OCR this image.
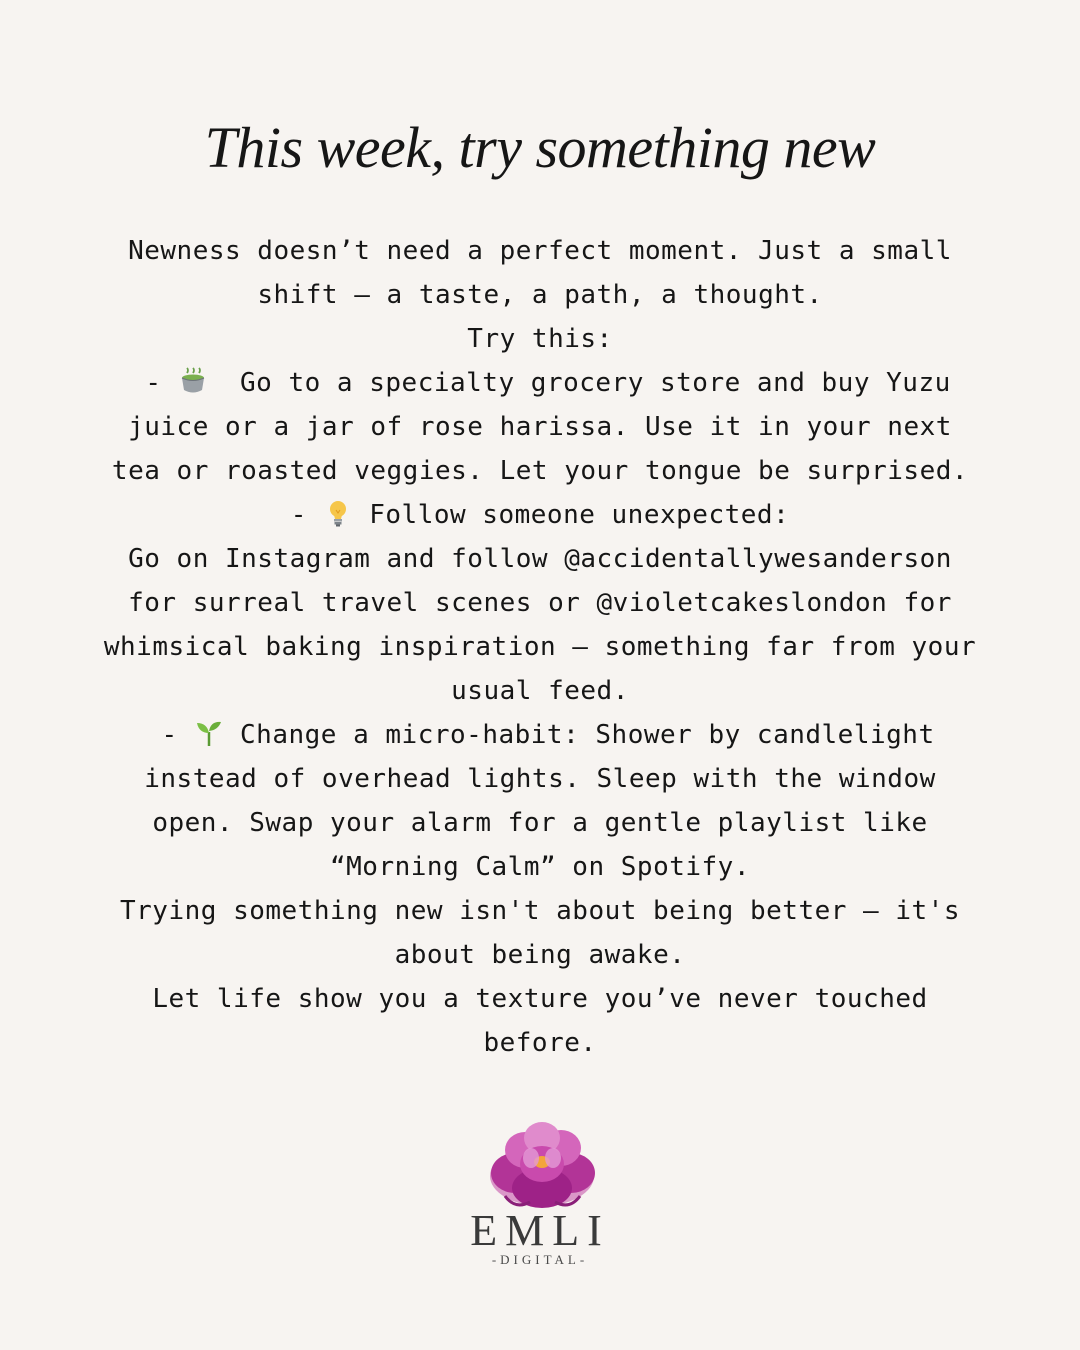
This week, try something new
Newness doesn’t need a perfect moment. Just a small
shift — a taste, a path, a thought.
Try this:
-   Go to a specialty grocery store and buy Yuzu
juice or a jar of rose harissa. Use it in your next
tea or roasted veggies. Let your tongue be surprised.
-  Follow someone unexpected:
Go on Instagram and follow @accidentallywesanderson
for surreal travel scenes or @violetcakeslondon for
whimsical baking inspiration — something far from your
usual feed.
-  Change a micro-habit: Shower by candlelight
instead of overhead lights. Sleep with the window
open. Swap your alarm for a gentle playlist like
“Morning Calm” on Spotify.
Trying something new isn't about being better — it's
about being awake.
Let life show you a texture you’ve never touched
before.
EMLI
-DIGITAL-
